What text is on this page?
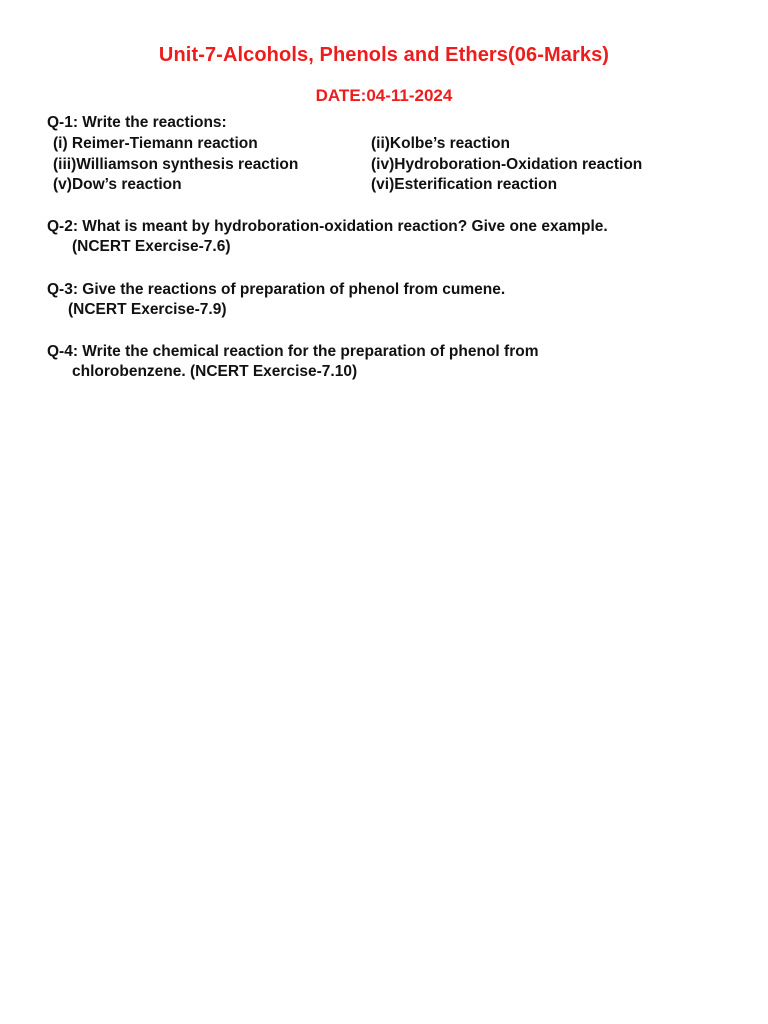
Unit-7-Alcohols, Phenols and Ethers(06-Marks)
DATE:04-11-2024
Q-1: Write the reactions:
(i) Reimer-Tiemann reaction	(ii)Kolbe’s reaction
(iii)Williamson synthesis reaction	(iv)Hydroboration-Oxidation reaction
(v)Dow’s reaction	(vi)Esterification reaction
Q-2: What is meant by hydroboration-oxidation reaction? Give one example.
(NCERT Exercise-7.6)
Q-3: Give the reactions of preparation of phenol from cumene.
(NCERT Exercise-7.9)
Q-4: Write the chemical reaction for the preparation of phenol from
chlorobenzene. (NCERT Exercise-7.10)
